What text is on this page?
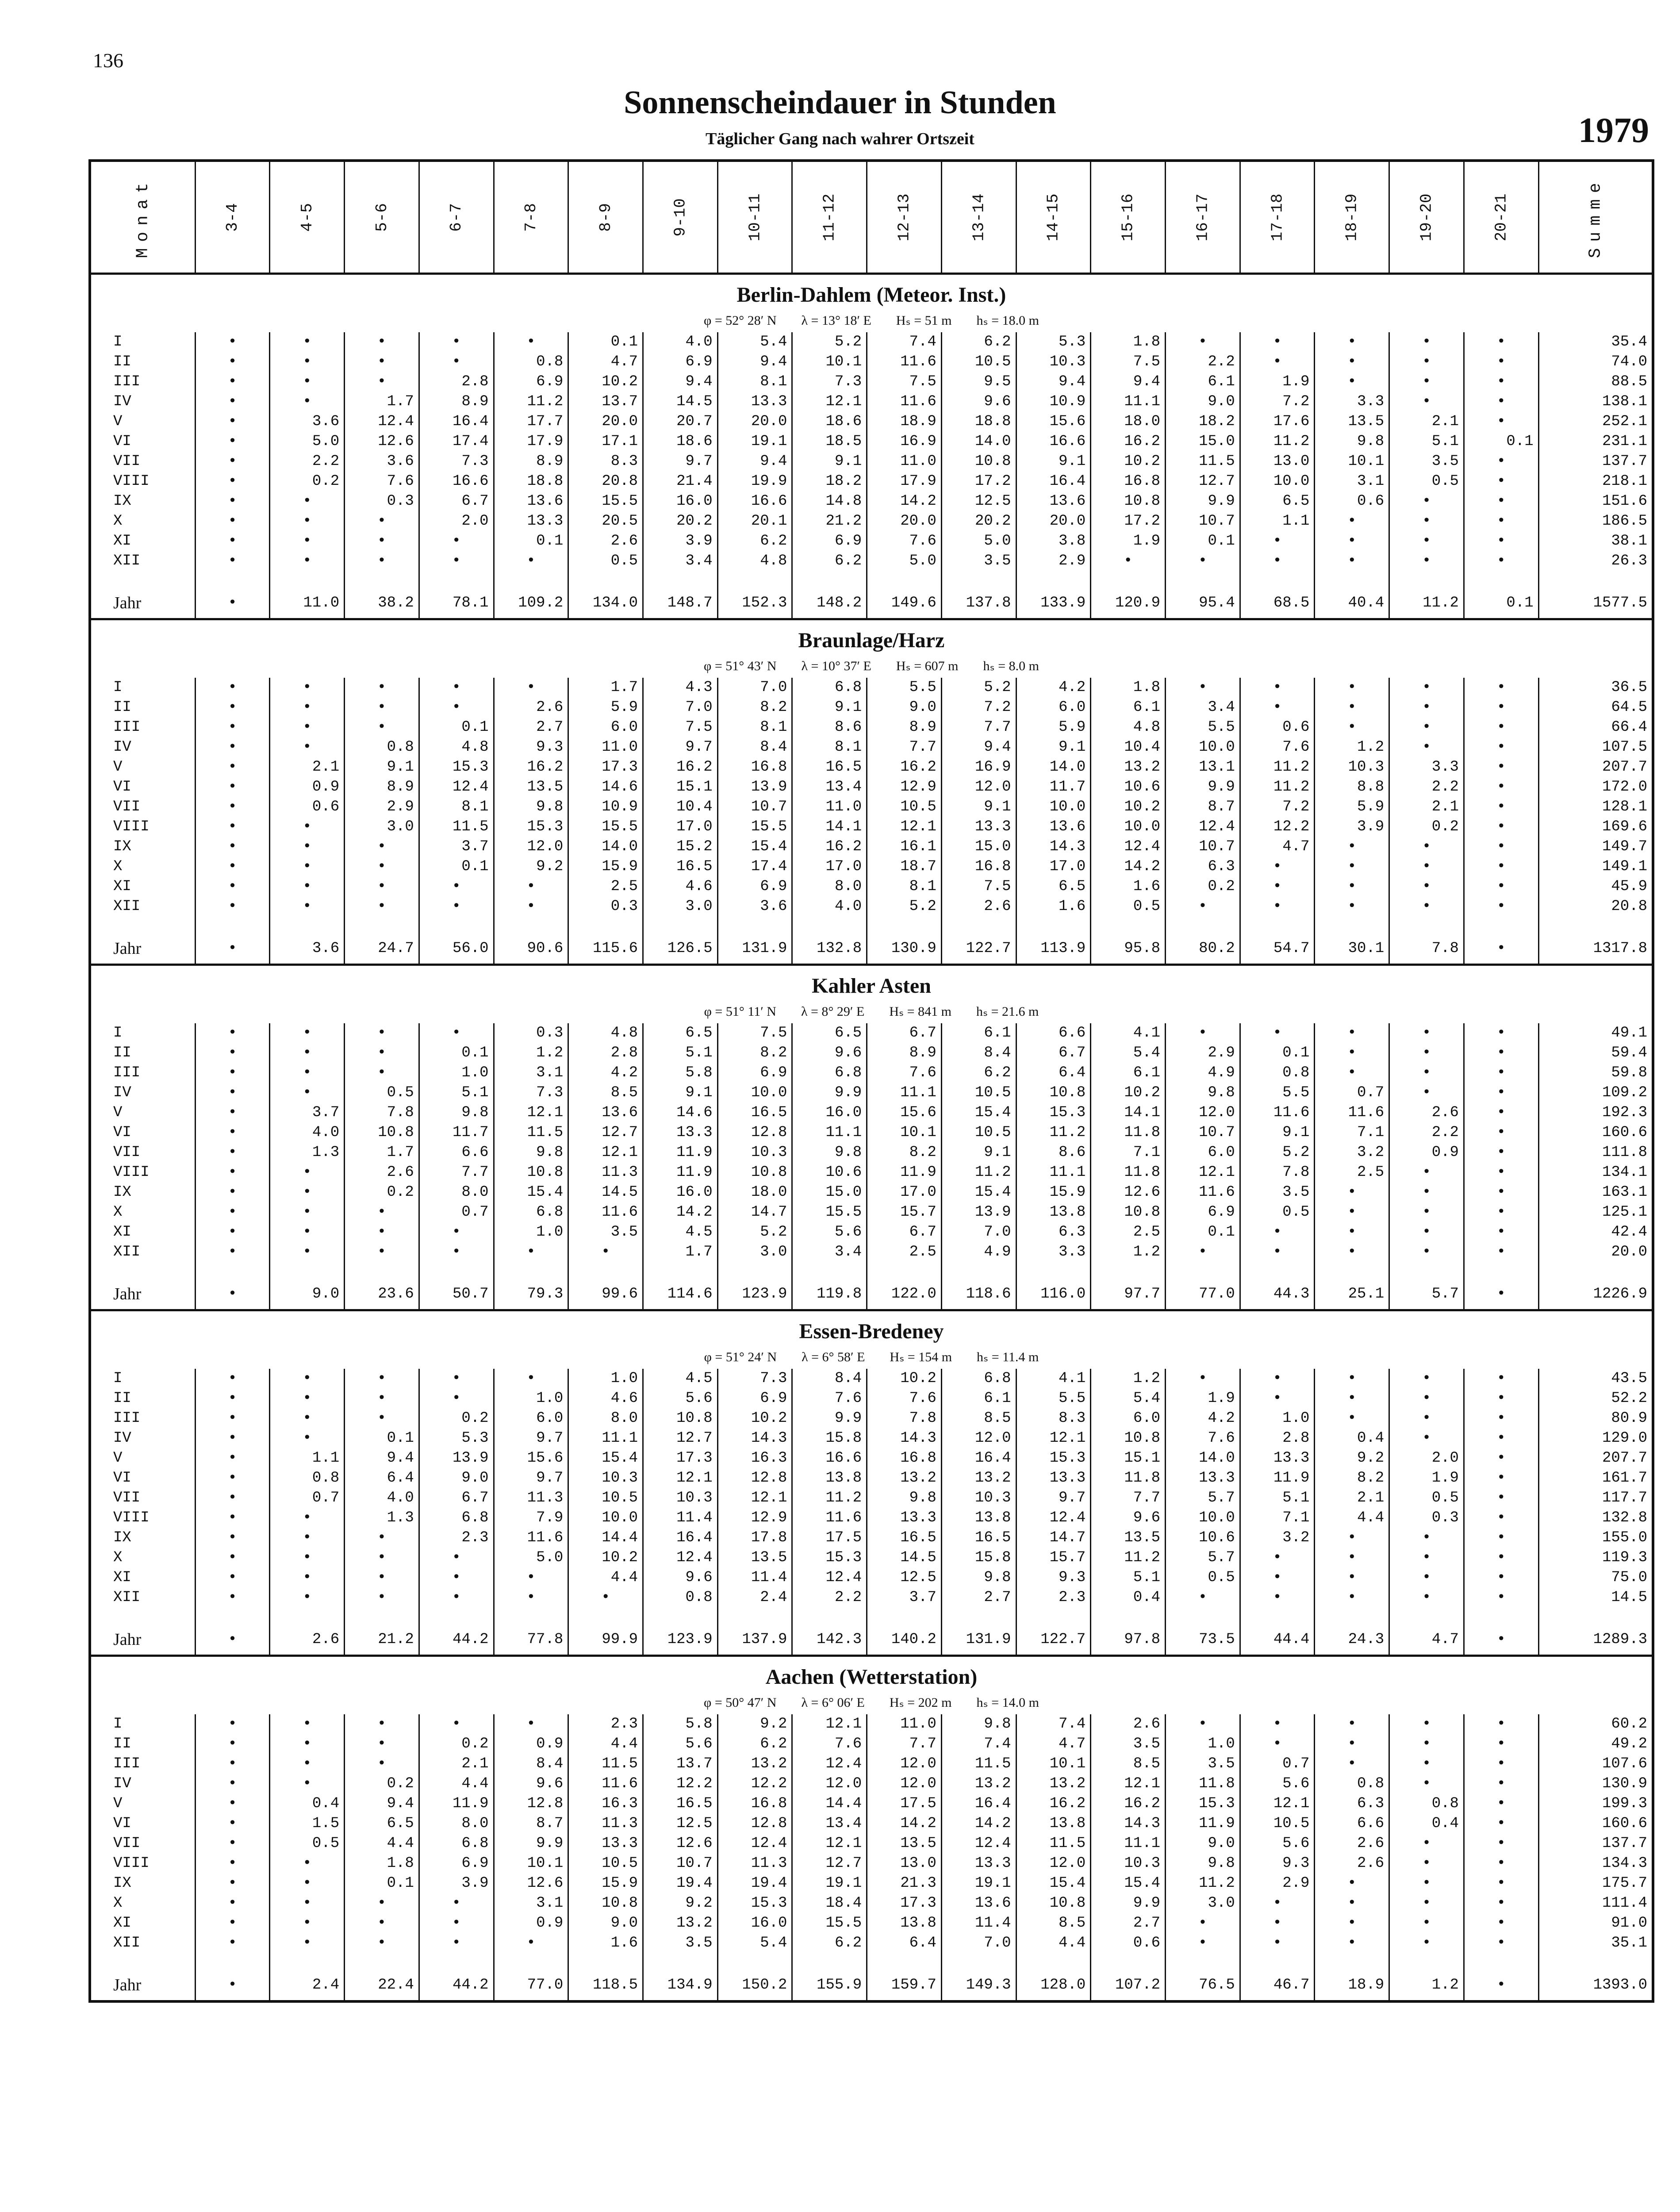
136
Sonnenscheindauer in Stunden
Täglicher Gang nach wahrer Ortszeit	1979
Monat	3-4	4-5	5-6	6-7	7-8	8-9	9-10	10-11	11-12	12-13	13-14	14-15	15-16	16-17	17-18	18-19	19-20	20-21	Summe

Berlin-Dahlem (Meteor. Inst.)
φ = 52° 28′ N λ = 13° 18′ E Hₛ = 51 m hₛ = 18.0 m																			

I	•	•	•	•	•	0.1	4.0	5.4	5.2	7.4	6.2	5.3	1.8	•	•	•	•	•	35.4
II	•	•	•	•	0.8	4.7	6.9	9.4	10.1	11.6	10.5	10.3	7.5	2.2	•	•	•	•	74.0
III	•	•	•	2.8	6.9	10.2	9.4	8.1	7.3	7.5	9.5	9.4	9.4	6.1	1.9	•	•	•	88.5
IV	•	•	1.7	8.9	11.2	13.7	14.5	13.3	12.1	11.6	9.6	10.9	11.1	9.0	7.2	3.3	•	•	138.1
V	•	3.6	12.4	16.4	17.7	20.0	20.7	20.0	18.6	18.9	18.8	15.6	18.0	18.2	17.6	13.5	2.1	•	252.1
VI	•	5.0	12.6	17.4	17.9	17.1	18.6	19.1	18.5	16.9	14.0	16.6	16.2	15.0	11.2	9.8	5.1	0.1	231.1
VII	•	2.2	3.6	7.3	8.9	8.3	9.7	9.4	9.1	11.0	10.8	9.1	10.2	11.5	13.0	10.1	3.5	•	137.7
VIII	•	0.2	7.6	16.6	18.8	20.8	21.4	19.9	18.2	17.9	17.2	16.4	16.8	12.7	10.0	3.1	0.5	•	218.1
IX	•	•	0.3	6.7	13.6	15.5	16.0	16.6	14.8	14.2	12.5	13.6	10.8	9.9	6.5	0.6	•	•	151.6
X	•	•	•	2.0	13.3	20.5	20.2	20.1	21.2	20.0	20.2	20.0	17.2	10.7	1.1	•	•	•	186.5
XI	•	•	•	•	0.1	2.6	3.9	6.2	6.9	7.6	5.0	3.8	1.9	0.1	•	•	•	•	38.1
XII	•	•	•	•	•	0.5	3.4	4.8	6.2	5.0	3.5	2.9	•	•	•	•	•	•	26.3

Jahr	•	11.0	38.2	78.1	109.2	134.0	148.7	152.3	148.2	149.6	137.8	133.9	120.9	95.4	68.5	40.4	11.2	0.1	1577.5

Braunlage/Harz
φ = 51° 43′ N λ = 10° 37′ E Hₛ = 607 m hₛ = 8.0 m																			

I	•	•	•	•	•	1.7	4.3	7.0	6.8	5.5	5.2	4.2	1.8	•	•	•	•	•	36.5
II	•	•	•	•	2.6	5.9	7.0	8.2	9.1	9.0	7.2	6.0	6.1	3.4	•	•	•	•	64.5
III	•	•	•	0.1	2.7	6.0	7.5	8.1	8.6	8.9	7.7	5.9	4.8	5.5	0.6	•	•	•	66.4
IV	•	•	0.8	4.8	9.3	11.0	9.7	8.4	8.1	7.7	9.4	9.1	10.4	10.0	7.6	1.2	•	•	107.5
V	•	2.1	9.1	15.3	16.2	17.3	16.2	16.8	16.5	16.2	16.9	14.0	13.2	13.1	11.2	10.3	3.3	•	207.7
VI	•	0.9	8.9	12.4	13.5	14.6	15.1	13.9	13.4	12.9	12.0	11.7	10.6	9.9	11.2	8.8	2.2	•	172.0
VII	•	0.6	2.9	8.1	9.8	10.9	10.4	10.7	11.0	10.5	9.1	10.0	10.2	8.7	7.2	5.9	2.1	•	128.1
VIII	•	•	3.0	11.5	15.3	15.5	17.0	15.5	14.1	12.1	13.3	13.6	10.0	12.4	12.2	3.9	0.2	•	169.6
IX	•	•	•	3.7	12.0	14.0	15.2	15.4	16.2	16.1	15.0	14.3	12.4	10.7	4.7	•	•	•	149.7
X	•	•	•	0.1	9.2	15.9	16.5	17.4	17.0	18.7	16.8	17.0	14.2	6.3	•	•	•	•	149.1
XI	•	•	•	•	•	2.5	4.6	6.9	8.0	8.1	7.5	6.5	1.6	0.2	•	•	•	•	45.9
XII	•	•	•	•	•	0.3	3.0	3.6	4.0	5.2	2.6	1.6	0.5	•	•	•	•	•	20.8

Jahr	•	3.6	24.7	56.0	90.6	115.6	126.5	131.9	132.8	130.9	122.7	113.9	95.8	80.2	54.7	30.1	7.8	•	1317.8

Kahler Asten
φ = 51° 11′ N λ = 8° 29′ E Hₛ = 841 m hₛ = 21.6 m																			

I	•	•	•	•	0.3	4.8	6.5	7.5	6.5	6.7	6.1	6.6	4.1	•	•	•	•	•	49.1
II	•	•	•	0.1	1.2	2.8	5.1	8.2	9.6	8.9	8.4	6.7	5.4	2.9	0.1	•	•	•	59.4
III	•	•	•	1.0	3.1	4.2	5.8	6.9	6.8	7.6	6.2	6.4	6.1	4.9	0.8	•	•	•	59.8
IV	•	•	0.5	5.1	7.3	8.5	9.1	10.0	9.9	11.1	10.5	10.8	10.2	9.8	5.5	0.7	•	•	109.2
V	•	3.7	7.8	9.8	12.1	13.6	14.6	16.5	16.0	15.6	15.4	15.3	14.1	12.0	11.6	11.6	2.6	•	192.3
VI	•	4.0	10.8	11.7	11.5	12.7	13.3	12.8	11.1	10.1	10.5	11.2	11.8	10.7	9.1	7.1	2.2	•	160.6
VII	•	1.3	1.7	6.6	9.8	12.1	11.9	10.3	9.8	8.2	9.1	8.6	7.1	6.0	5.2	3.2	0.9	•	111.8
VIII	•	•	2.6	7.7	10.8	11.3	11.9	10.8	10.6	11.9	11.2	11.1	11.8	12.1	7.8	2.5	•	•	134.1
IX	•	•	0.2	8.0	15.4	14.5	16.0	18.0	15.0	17.0	15.4	15.9	12.6	11.6	3.5	•	•	•	163.1
X	•	•	•	0.7	6.8	11.6	14.2	14.7	15.5	15.7	13.9	13.8	10.8	6.9	0.5	•	•	•	125.1
XI	•	•	•	•	1.0	3.5	4.5	5.2	5.6	6.7	7.0	6.3	2.5	0.1	•	•	•	•	42.4
XII	•	•	•	•	•	•	1.7	3.0	3.4	2.5	4.9	3.3	1.2	•	•	•	•	•	20.0

Jahr	•	9.0	23.6	50.7	79.3	99.6	114.6	123.9	119.8	122.0	118.6	116.0	97.7	77.0	44.3	25.1	5.7	•	1226.9

Essen-Bredeney
φ = 51° 24′ N λ = 6° 58′ E Hₛ = 154 m hₛ = 11.4 m																			

I	•	•	•	•	•	1.0	4.5	7.3	8.4	10.2	6.8	4.1	1.2	•	•	•	•	•	43.5
II	•	•	•	•	1.0	4.6	5.6	6.9	7.6	7.6	6.1	5.5	5.4	1.9	•	•	•	•	52.2
III	•	•	•	0.2	6.0	8.0	10.8	10.2	9.9	7.8	8.5	8.3	6.0	4.2	1.0	•	•	•	80.9
IV	•	•	0.1	5.3	9.7	11.1	12.7	14.3	15.8	14.3	12.0	12.1	10.8	7.6	2.8	0.4	•	•	129.0
V	•	1.1	9.4	13.9	15.6	15.4	17.3	16.3	16.6	16.8	16.4	15.3	15.1	14.0	13.3	9.2	2.0	•	207.7
VI	•	0.8	6.4	9.0	9.7	10.3	12.1	12.8	13.8	13.2	13.2	13.3	11.8	13.3	11.9	8.2	1.9	•	161.7
VII	•	0.7	4.0	6.7	11.3	10.5	10.3	12.1	11.2	9.8	10.3	9.7	7.7	5.7	5.1	2.1	0.5	•	117.7
VIII	•	•	1.3	6.8	7.9	10.0	11.4	12.9	11.6	13.3	13.8	12.4	9.6	10.0	7.1	4.4	0.3	•	132.8
IX	•	•	•	2.3	11.6	14.4	16.4	17.8	17.5	16.5	16.5	14.7	13.5	10.6	3.2	•	•	•	155.0
X	•	•	•	•	5.0	10.2	12.4	13.5	15.3	14.5	15.8	15.7	11.2	5.7	•	•	•	•	119.3
XI	•	•	•	•	•	4.4	9.6	11.4	12.4	12.5	9.8	9.3	5.1	0.5	•	•	•	•	75.0
XII	•	•	•	•	•	•	0.8	2.4	2.2	3.7	2.7	2.3	0.4	•	•	•	•	•	14.5

Jahr	•	2.6	21.2	44.2	77.8	99.9	123.9	137.9	142.3	140.2	131.9	122.7	97.8	73.5	44.4	24.3	4.7	•	1289.3

Aachen (Wetterstation)
φ = 50° 47′ N λ = 6° 06′ E Hₛ = 202 m hₛ = 14.0 m																			

I	•	•	•	•	•	2.3	5.8	9.2	12.1	11.0	9.8	7.4	2.6	•	•	•	•	•	60.2
II	•	•	•	0.2	0.9	4.4	5.6	6.2	7.6	7.7	7.4	4.7	3.5	1.0	•	•	•	•	49.2
III	•	•	•	2.1	8.4	11.5	13.7	13.2	12.4	12.0	11.5	10.1	8.5	3.5	0.7	•	•	•	107.6
IV	•	•	0.2	4.4	9.6	11.6	12.2	12.2	12.0	12.0	13.2	13.2	12.1	11.8	5.6	0.8	•	•	130.9
V	•	0.4	9.4	11.9	12.8	16.3	16.5	16.8	14.4	17.5	16.4	16.2	16.2	15.3	12.1	6.3	0.8	•	199.3
VI	•	1.5	6.5	8.0	8.7	11.3	12.5	12.8	13.4	14.2	14.2	13.8	14.3	11.9	10.5	6.6	0.4	•	160.6
VII	•	0.5	4.4	6.8	9.9	13.3	12.6	12.4	12.1	13.5	12.4	11.5	11.1	9.0	5.6	2.6	•	•	137.7
VIII	•	•	1.8	6.9	10.1	10.5	10.7	11.3	12.7	13.0	13.3	12.0	10.3	9.8	9.3	2.6	•	•	134.3
IX	•	•	0.1	3.9	12.6	15.9	19.4	19.4	19.1	21.3	19.1	15.4	15.4	11.2	2.9	•	•	•	175.7
X	•	•	•	•	3.1	10.8	9.2	15.3	18.4	17.3	13.6	10.8	9.9	3.0	•	•	•	•	111.4
XI	•	•	•	•	0.9	9.0	13.2	16.0	15.5	13.8	11.4	8.5	2.7	•	•	•	•	•	91.0
XII	•	•	•	•	•	1.6	3.5	5.4	6.2	6.4	7.0	4.4	0.6	•	•	•	•	•	35.1

Jahr	•	2.4	22.4	44.2	77.0	118.5	134.9	150.2	155.9	159.7	149.3	128.0	107.2	76.5	46.7	18.9	1.2	•	1393.0
